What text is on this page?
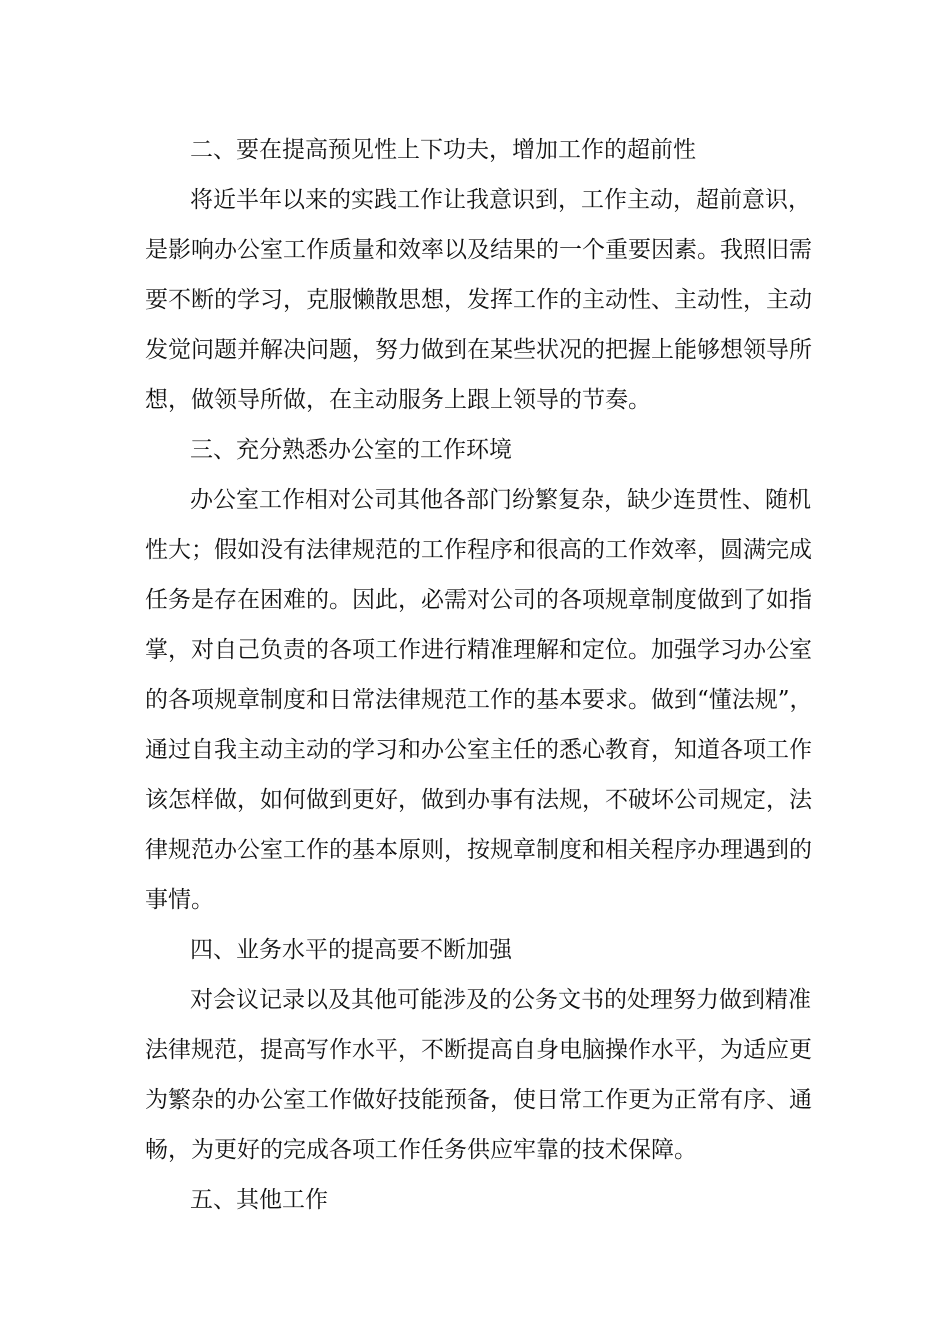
二、要在提高预见性上下功夫，增加工作的超前性

将近半年以来的实践工作让我意识到，工作主动，超前意识，

是影响办公室工作质量和效率以及结果的一个重要因素。我照旧需

要不断的学习，克服懒散思想，发挥工作的主动性、主动性，主动

发觉问题并解决问题，努力做到在某些状况的把握上能够想领导所

想，做领导所做，在主动服务上跟上领导的节奏。

三、充分熟悉办公室的工作环境

办公室工作相对公司其他各部门纷繁复杂，缺少连贯性、随机

性大；假如没有法律规范的工作程序和很高的工作效率，圆满完成

任务是存在困难的。因此，必需对公司的各项规章制度做到了如指

掌，对自己负责的各项工作进行精准理解和定位。加强学习办公室

的各项规章制度和日常法律规范工作的基本要求。做到“懂法规”，

通过自我主动主动的学习和办公室主任的悉心教育，知道各项工作

该怎样做，如何做到更好，做到办事有法规，不破坏公司规定，法

律规范办公室工作的基本原则，按规章制度和相关程序办理遇到的

事情。

四、业务水平的提高要不断加强

对会议记录以及其他可能涉及的公务文书的处理努力做到精准

法律规范，提高写作水平，不断提高自身电脑操作水平，为适应更

为繁杂的办公室工作做好技能预备，使日常工作更为正常有序、通

畅，为更好的完成各项工作任务供应牢靠的技术保障。

五、其他工作
